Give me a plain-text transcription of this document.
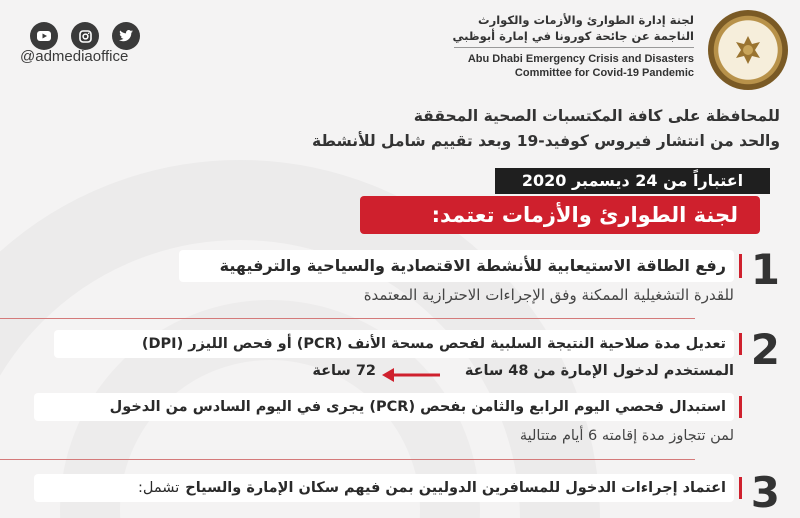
@admediaoffice
لجنة إدارة الطوارئ والأزمات والكوارث
الناجمة عن جائحة كورونا في إمارة أبوظبي
Abu Dhabi Emergency Crisis and Disasters
Committee for Covid-19 Pandemic
للمحافظة على كافة المكتسبات الصحية المحققة
والحد من انتشار فيروس كوفيد-19 وبعد تقييم شامل للأنشطة
اعتباراً من 24 ديسمبر 2020
لجنة الطوارئ والأزمات تعتمد:
1
رفع الطاقة الاستيعابية للأنشطة الاقتصادية والسياحية والترفيهية
للقدرة التشغيلية الممكنة وفق الإجراءات الاحترازية المعتمدة
2
تعديل مدة صلاحية النتيجة السلبية لفحص مسحة الأنف (PCR) أو فحص الليزر (DPI)
المستخدم لدخول الإمارة من 48 ساعة
72 ساعة
استبدال فحصي اليوم الرابع والثامن بفحص (PCR) يجرى في اليوم السادس من الدخول
لمن تتجاوز مدة إقامته 6 أيام متتالية
3
اعتماد إجراءات الدخول للمسافرين الدوليين بمن فيهم سكان الإمارة والسياح
تشمل:
